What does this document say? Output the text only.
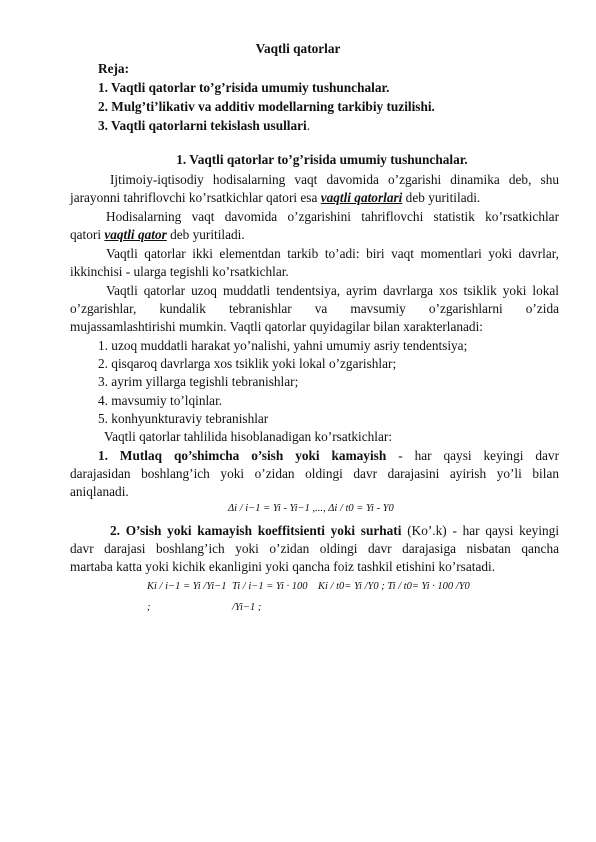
Vaqtli qatorlar
Reja:
1. Vaqtli qatorlar to’g’risida umumiy tushunchalar.
2. Mulg’ti’likativ va additiv modellarning tarkibiy tuzilishi.
3. Vaqtli qatorlarni tekislash usullari.
1. Vaqtli qatorlar to’g’risida umumiy tushunchalar.
Ijtimoiy-iqtisodiy hodisalarning vaqt davomida o’zgarishi dinamika deb, shu
jarayonni tahriflovchi ko’rsatkichlar qatori esa vaqtli qatorlari deb yuritiladi.
Hodisalarning vaqt davomida o’zgarishini tahriflovchi statistik ko’rsatkichlar
qatori vaqtli qator deb yuritiladi.
Vaqtli qatorlar ikki elementdan tarkib to’adi: biri vaqt momentlari yoki davrlar,
ikkinchisi - ularga tegishli ko’rsatkichlar.
Vaqtli qatorlar uzoq muddatli tendentsiya, ayrim davrlarga xos tsiklik yoki lokal
o’zgarishlar, kundalik tebranishlar va mavsumiy o’zgarishlarni o’zida
mujassamlashtirishi mumkin. Vaqtli qatorlar quyidagilar bilan xarakterlanadi:
1. uzoq muddatli harakat yo’nalishi, yahni umumiy asriy tendentsiya;
2. qisqaroq davrlarga xos tsiklik yoki lokal o’zgarishlar;
3. ayrim yillarga tegishli tebranishlar;
4. mavsumiy to’lqinlar.
5. konhyunkturaviy tebranishlar
Vaqtli qatorlar tahlilida hisoblanadigan ko’rsatkichlar:
1. Mutlaq qo’shimcha o’sish yoki kamayish - har qaysi keyingi davr
darajasidan boshlang’ich yoki o’zidan oldingi davr darajasini ayirish yo’li bilan
aniqlanadi.
Δi / i−1 = Yi - Yi−1 ,..., Δi / t0 = Yi - Y0
2. O’sish yoki kamayish koeffitsienti yoki surhati (Ko’.k) - har qaysi keyingi
davr darajasi boshlang’ich yoki o’zidan oldingi davr darajasiga nisbatan qancha
martaba katta yoki kichik ekanligini yoki qancha foiz tashkil etishini ko’rsatadi.
Ki / i−1 = Yi /Yi−1
;
Ti / i−1 = Yi · 100
/Yi−1 ;
Ki / t0= Yi /Y0 ; Ti / t0= Yi · 100 /Y0
